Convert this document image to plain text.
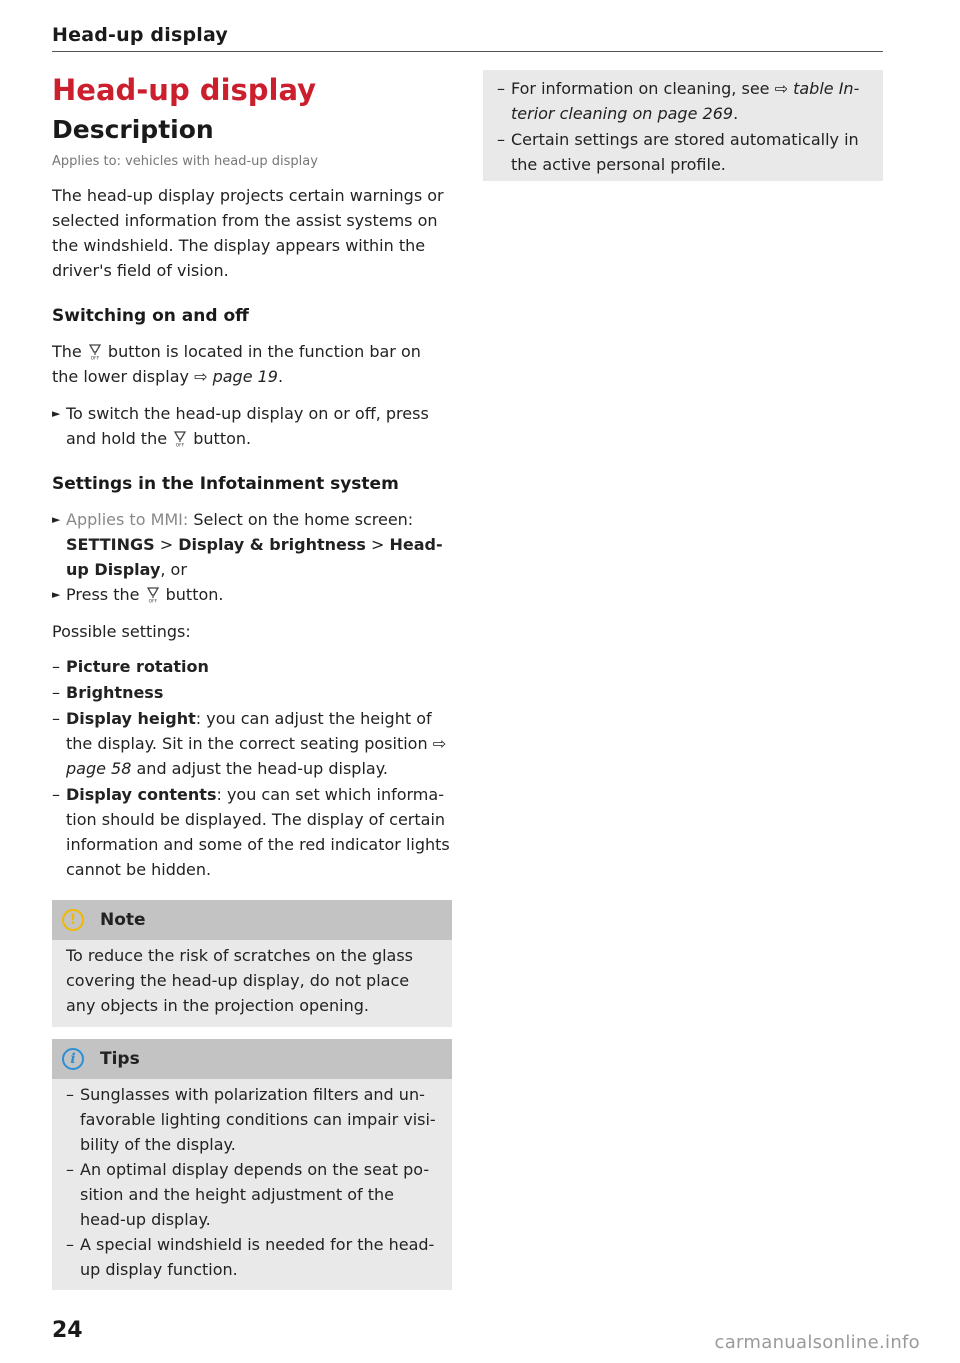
Head-up display
Head-up display
Description
Applies to: vehicles with head-up display

The head-up display projects certain warnings or selected information from the assist systems on the windshield. The display appears within the driver's field of vision.

Switching on and off

The OFF button is located in the function bar on the lower display ⇨ page 19.

► To switch the head-up display on or off, press and hold the OFF button.
Settings in the Infotainment system
► Applies to MMI: Select on the home screen: SETTINGS > Display & brightness > Head-up Display, or
► Press the OFF button.

Possible settings:

– Picture rotation
– Brightness
– Display height: you can adjust the height of the display. Sit in the correct seating position ⇨ page 58 and adjust the head-up display.
– Display contents: you can set which informa-tion should be displayed. The display of certain information and some of the red indicator lights cannot be hidden.
!	Note

To reduce the risk of scratches on the glass covering the head-up display, do not place any objects in the projection opening.

i	Tips
– Sunglasses with polarization filters and un-favorable lighting conditions can impair visi-bility of the display.
– An optimal display depends on the seat po-sition and the height adjustment of the head-up display.
– A special windshield is needed for the head-up display function.
– For information on cleaning, see ⇨ table In-terior cleaning on page 269.
– Certain settings are stored automatically in the active personal profile.
24	carmanualsonline.info
